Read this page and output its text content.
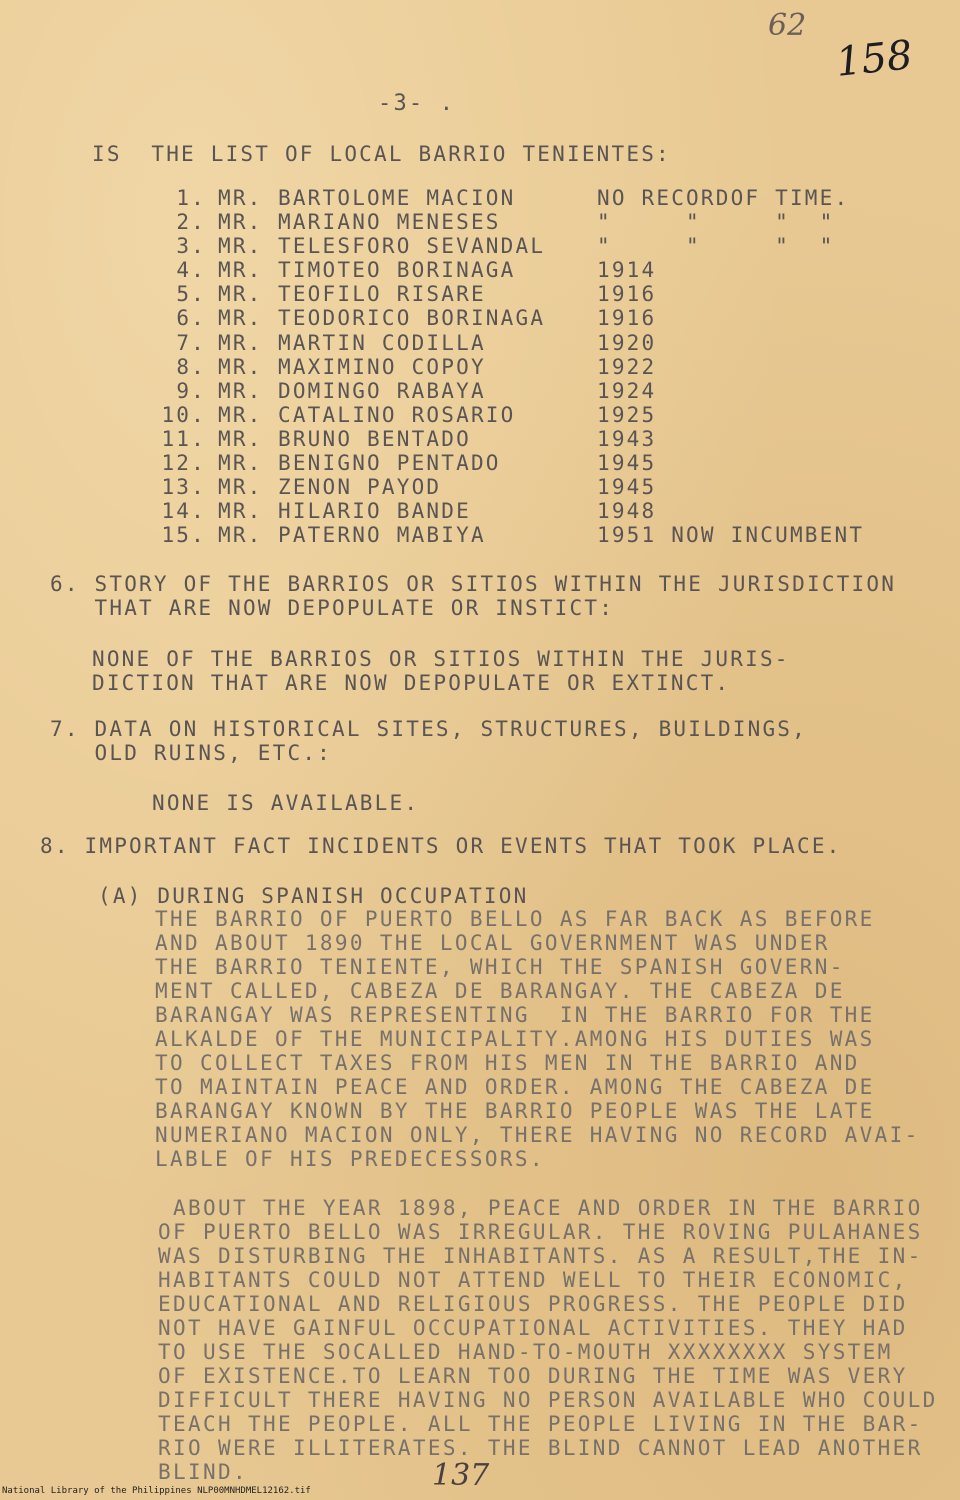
62
158
-3- .
IS  THE LIST OF LOCAL BARRIO TENIENTES:
1. MR. BARTOLOME MACION	NO RECORDOF TIME.
2. MR. MARIANO MENESES	"     "     "  "
3. MR. TELESFORO SEVANDAL "     "     "  "
4. MR. TIMOTEO BORINAGA	1914
5. MR. TEOFILO RISARE	1916
6. MR. TEODORICO BORINAGA 1916
7. MR. MARTIN CODILLA	1920
8. MR. MAXIMINO COPOY	1922
9. MR. DOMINGO RABAYA	1924
10. MR. CATALINO ROSARIO	1925
11. MR. BRUNO BENTADO	1943
12. MR. BENIGNO PENTADO	1945
13. MR. ZENON PAYOD	1945
14. MR. HILARIO BANDE	1948
15. MR. PATERNO MABIYA	1951 NOW INCUMBENT
6. STORY OF THE BARRIOS OR SITIOS WITHIN THE JURISDICTION
THAT ARE NOW DEPOPULATE OR INSTICT:
NONE OF THE BARRIOS OR SITIOS WITHIN THE JURIS-
DICTION THAT ARE NOW DEPOPULATE OR EXTINCT.
7. DATA ON HISTORICAL SITES, STRUCTURES, BUILDINGS,
OLD RUINS, ETC.:
NONE IS AVAILABLE.
8. IMPORTANT FACT INCIDENTS OR EVENTS THAT TOOK PLACE.
(A) DURING SPANISH OCCUPATION
THE BARRIO OF PUERTO BELLO AS FAR BACK AS BEFORE
AND ABOUT 1890 THE LOCAL GOVERNMENT WAS UNDER
THE BARRIO TENIENTE, WHICH THE SPANISH GOVERN-
MENT CALLED, CABEZA DE BARANGAY. THE CABEZA DE
BARANGAY WAS REPRESENTING  IN THE BARRIO FOR THE
ALKALDE OF THE MUNICIPALITY.AMONG HIS DUTIES WAS
TO COLLECT TAXES FROM HIS MEN IN THE BARRIO AND
TO MAINTAIN PEACE AND ORDER. AMONG THE CABEZA DE
BARANGAY KNOWN BY THE BARRIO PEOPLE WAS THE LATE
NUMERIANO MACION ONLY, THERE HAVING NO RECORD AVAI-
LABLE OF HIS PREDECESSORS.
ABOUT THE YEAR 1898, PEACE AND ORDER IN THE BARRIO
OF PUERTO BELLO WAS IRREGULAR. THE ROVING PULAHANES
WAS DISTURBING THE INHABITANTS. AS A RESULT,THE IN-
HABITANTS COULD NOT ATTEND WELL TO THEIR ECONOMIC,
EDUCATIONAL AND RELIGIOUS PROGRESS. THE PEOPLE DID
NOT HAVE GAINFUL OCCUPATIONAL ACTIVITIES. THEY HAD
TO USE THE SOCALLED HAND-TO-MOUTH XXXXXXXX SYSTEM
OF EXISTENCE.TO LEARN TOO DURING THE TIME WAS VERY
DIFFICULT THERE HAVING NO PERSON AVAILABLE WHO COULD
TEACH THE PEOPLE. ALL THE PEOPLE LIVING IN THE BAR-
RIO WERE ILLITERATES. THE BLIND CANNOT LEAD ANOTHER
BLIND.	137
National Library of the Philippines NLP00MNHDMEL12162.tif
